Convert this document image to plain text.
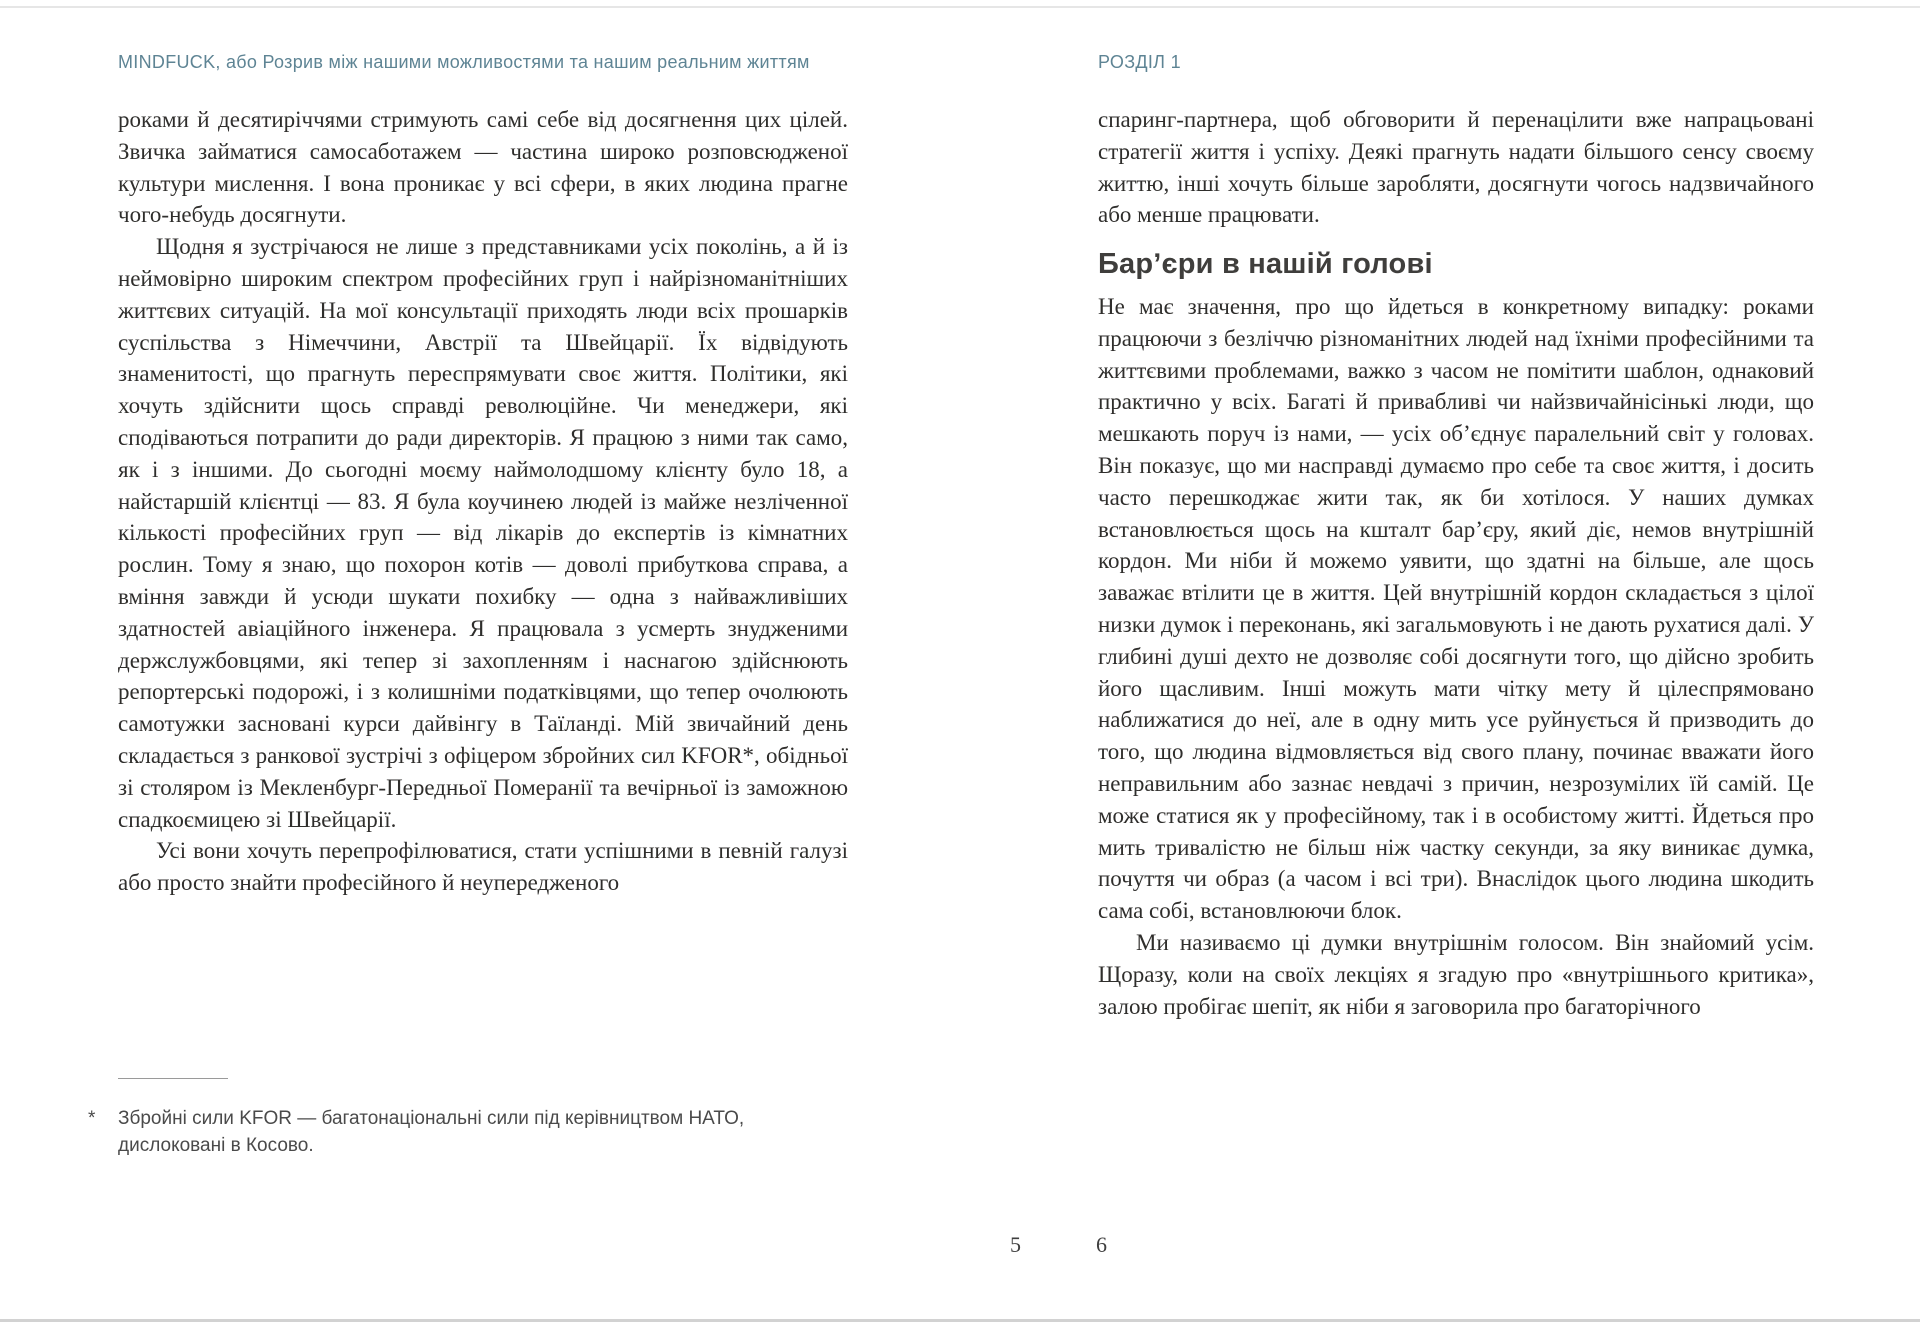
MINDFUCK, або Розрив між нашими можливостями та нашим реальним життям

роками й десятиріччями стримують самі себе від досягнення цих цілей. Звичка займатися самосаботажем — частина широко розповсюдженої культури мислення. І вона проникає у всі сфери, в яких людина прагне чого-небудь досягнути.

Щодня я зустрічаюся не лише з представниками усіх поколінь, а й із неймовірно широким спектром професійних груп і найрізноманітніших життєвих ситуацій. На мої консультації приходять люди всіх прошарків суспільства з Німеччини, Австрії та Швейцарії. Їх відвідують знаменитості, що прагнуть переспрямувати своє життя. Політики, які хочуть здійснити щось справді революційне. Чи менеджери, які сподіваються потрапити до ради директорів. Я працюю з ними так само, як і з іншими. До сьогодні моєму наймолодшому клієнту було 18, а найстаршій клієнтці — 83. Я була коучинею людей із майже незліченної кількості професійних груп — від лікарів до експертів із кімнатних рослин. Тому я знаю, що похорон котів — доволі прибуткова справа, а вміння завжди й усюди шукати похибку — одна з найважливіших здатностей авіаційного інженера. Я працювала з усмерть знудженими держслужбовцями, які тепер зі захопленням і наснагою здійснюють репортерські подорожі, і з колишніми податківцями, що тепер очолюють самотужки засновані курси дайвінгу в Таїланді. Мій звичайний день складається з ранкової зустрічі з офіцером збройних сил KFOR*, обідньої зі столяром із Мекленбург-Передньої Померанії та вечірньої із заможною спадкоємицею зі Швейцарії.

Усі вони хочуть перепрофілюватися, стати успішними в певній галузі або просто знайти професійного й неупередженого

*	Збройні сили KFOR — багатонаціональні сили під керівництвом НАТО, дислоковані в Косово.
РОЗДІЛ 1

спаринг-партнера, щоб обговорити й перенацілити вже напрацьовані стратегії життя і успіху. Деякі прагнуть надати більшого сенсу своєму життю, інші хочуть більше заробляти, досягнути чогось надзвичайного або менше працювати.

Барʼєри в нашій голові

Не має значення, про що йдеться в конкретному випадку: роками працюючи з безліччю різноманітних людей над їхніми професійними та життєвими проблемами, важко з часом не помітити шаблон, однаковий практично у всіх. Багаті й привабливі чи найзвичайнісінькі люди, що мешкають поруч із нами, — усіх обʼєднує паралельний світ у головах. Він показує, що ми насправді думаємо про себе та своє життя, і досить часто перешкоджає жити так, як би хотілося. У наших думках встановлюється щось на кшталт барʼєру, який діє, немов внутрішній кордон. Ми ніби й можемо уявити, що здатні на більше, але щось заважає втілити це в життя. Цей внутрішній кордон складається з цілої низки думок і переконань, які загальмовують і не дають рухатися далі. У глибині душі дехто не дозволяє собі досягнути того, що дійсно зробить його щасливим. Інші можуть мати чітку мету й цілеспрямовано наближатися до неї, але в одну мить усе руйнується й призводить до того, що людина відмовляється від свого плану, починає вважати його неправильним або зазнає невдачі з причин, незрозумілих їй самій. Це може статися як у професійному, так і в особистому житті. Йдеться про мить тривалістю не більш ніж частку секунди, за яку виникає думка, почуття чи образ (а часом і всі три). Внаслідок цього людина шкодить сама собі, встановлюючи блок.

Ми називаємо ці думки внутрішнім голосом. Він знайомий усім. Щоразу, коли на своїх лекціях я згадую про «внутрішнього критика», залою пробігає шепіт, як ніби я заговорила про багаторічного

5	6
